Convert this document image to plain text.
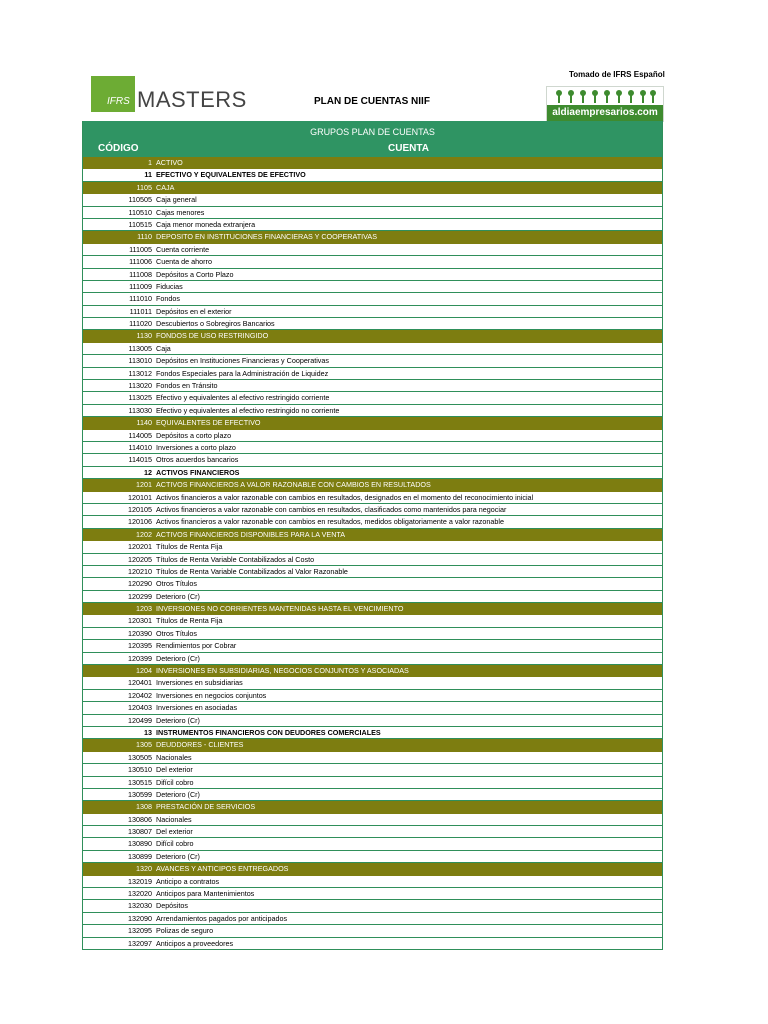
Tomado de IFRS Español
IFRS MASTERS	PLAN DE CUENTAS NIIF
aldiaempresarios.com
GRUPOS PLAN DE CUENTAS
CÓDIGO	CUENTA
1 ACTIVO
11 EFECTIVO Y EQUIVALENTES DE EFECTIVO
1105 CAJA
110505 Caja general
110510 Cajas menores
110515 Caja menor moneda extranjera
1110 DEPOSITO EN INSTITUCIONES FINANCIERAS Y COOPERATIVAS
111005 Cuenta corriente
111006 Cuenta de ahorro
111008 Depósitos a Corto Plazo
111009 Fiducias
111010 Fondos
111011 Depósitos en el exterior
111020 Descubiertos o Sobregiros Bancarios
1130 FONDOS DE USO RESTRINGIDO
113005 Caja
113010 Depósitos en Instituciones Financieras y Cooperativas
113012 Fondos Especiales para la Administración de Liquidez
113020 Fondos en Tránsito
113025 Efectivo y equivalentes al efectivo restringido corriente
113030 Efectivo y equivalentes al efectivo restringido no corriente
1140 EQUIVALENTES DE EFECTIVO
114005 Depósitos a corto plazo
114010 Inversiones a corto plazo
114015 Otros acuerdos bancarios
12 ACTIVOS FINANCIEROS
1201 ACTIVOS FINANCIEROS A VALOR RAZONABLE CON CAMBIOS EN RESULTADOS
120101 Activos financieros a valor razonable con cambios en resultados, designados en el momento del reconocimiento inicial
120105 Activos financieros a valor razonable con cambios en resultados, clasificados como mantenidos para negociar
120106 Activos financieros a valor razonable con cambios en resultados, medidos obligatoriamente a valor razonable
1202 ACTIVOS FINANCIEROS DISPONIBLES PARA LA VENTA
120201 Títulos de Renta Fija
120205 Títulos de Renta Variable Contabilizados al Costo
120210 Títulos de Renta Variable Contabilizados al Valor Razonable
120290 Otros Títulos
120299 Deterioro (Cr)
1203 INVERSIONES NO CORRIENTES MANTENIDAS HASTA EL VENCIMIENTO
120301 Títulos de Renta Fija
120390 Otros Títulos
120395 Rendimientos por Cobrar
120399 Deterioro (Cr)
1204 INVERSIONES EN SUBSIDIARIAS, NEGOCIOS CONJUNTOS Y ASOCIADAS
120401 Inversiones en subsidiarias
120402 Inversiones en negocios conjuntos
120403 Inversiones en asociadas
120499 Deterioro (Cr)
13 INSTRUMENTOS FINANCIEROS CON DEUDORES COMERCIALES
1305 DEUDDORES - CLIENTES
130505 Nacionales
130510 Del exterior
130515 Difícil cobro
130599 Deterioro (Cr)
1308 PRESTACIÓN DE SERVICIOS
130806 Nacionales
130807 Del exterior
130890 Difícil cobro
130899 Deterioro (Cr)
1320 AVANCES Y ANTICIPOS ENTREGADOS
132019 Anticipo a contratos
132020 Anticipos para Mantenimientos
132030 Depósitos
132090 Arrendamientos pagados por anticipados
132095 Polizas de seguro
132097 Anticipos a proveedores
